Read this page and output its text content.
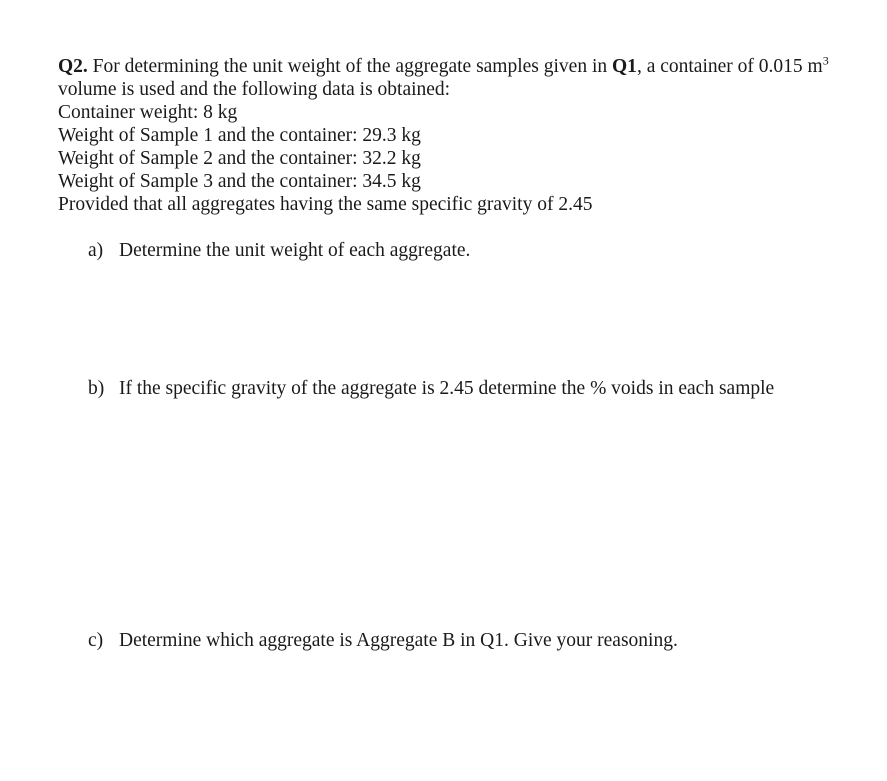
Q2. For determining the unit weight of the aggregate samples given in Q1, a container of 0.015 $m^3$
volume is used and the following data is obtained:
Container weight: 8 kg
Weight of Sample 1 and the container: 29.3 kg
Weight of Sample 2 and the container: 32.2 kg
Weight of Sample 3 and the container: 34.5 kg
Provided that all aggregates having the same specific gravity of 2.45
a) Determine the unit weight of each aggregate.
b) If the specific gravity of the aggregate is 2.45 determine the % voids in each sample
c) Determine which aggregate is Aggregate B in Q1. Give your reasoning.
